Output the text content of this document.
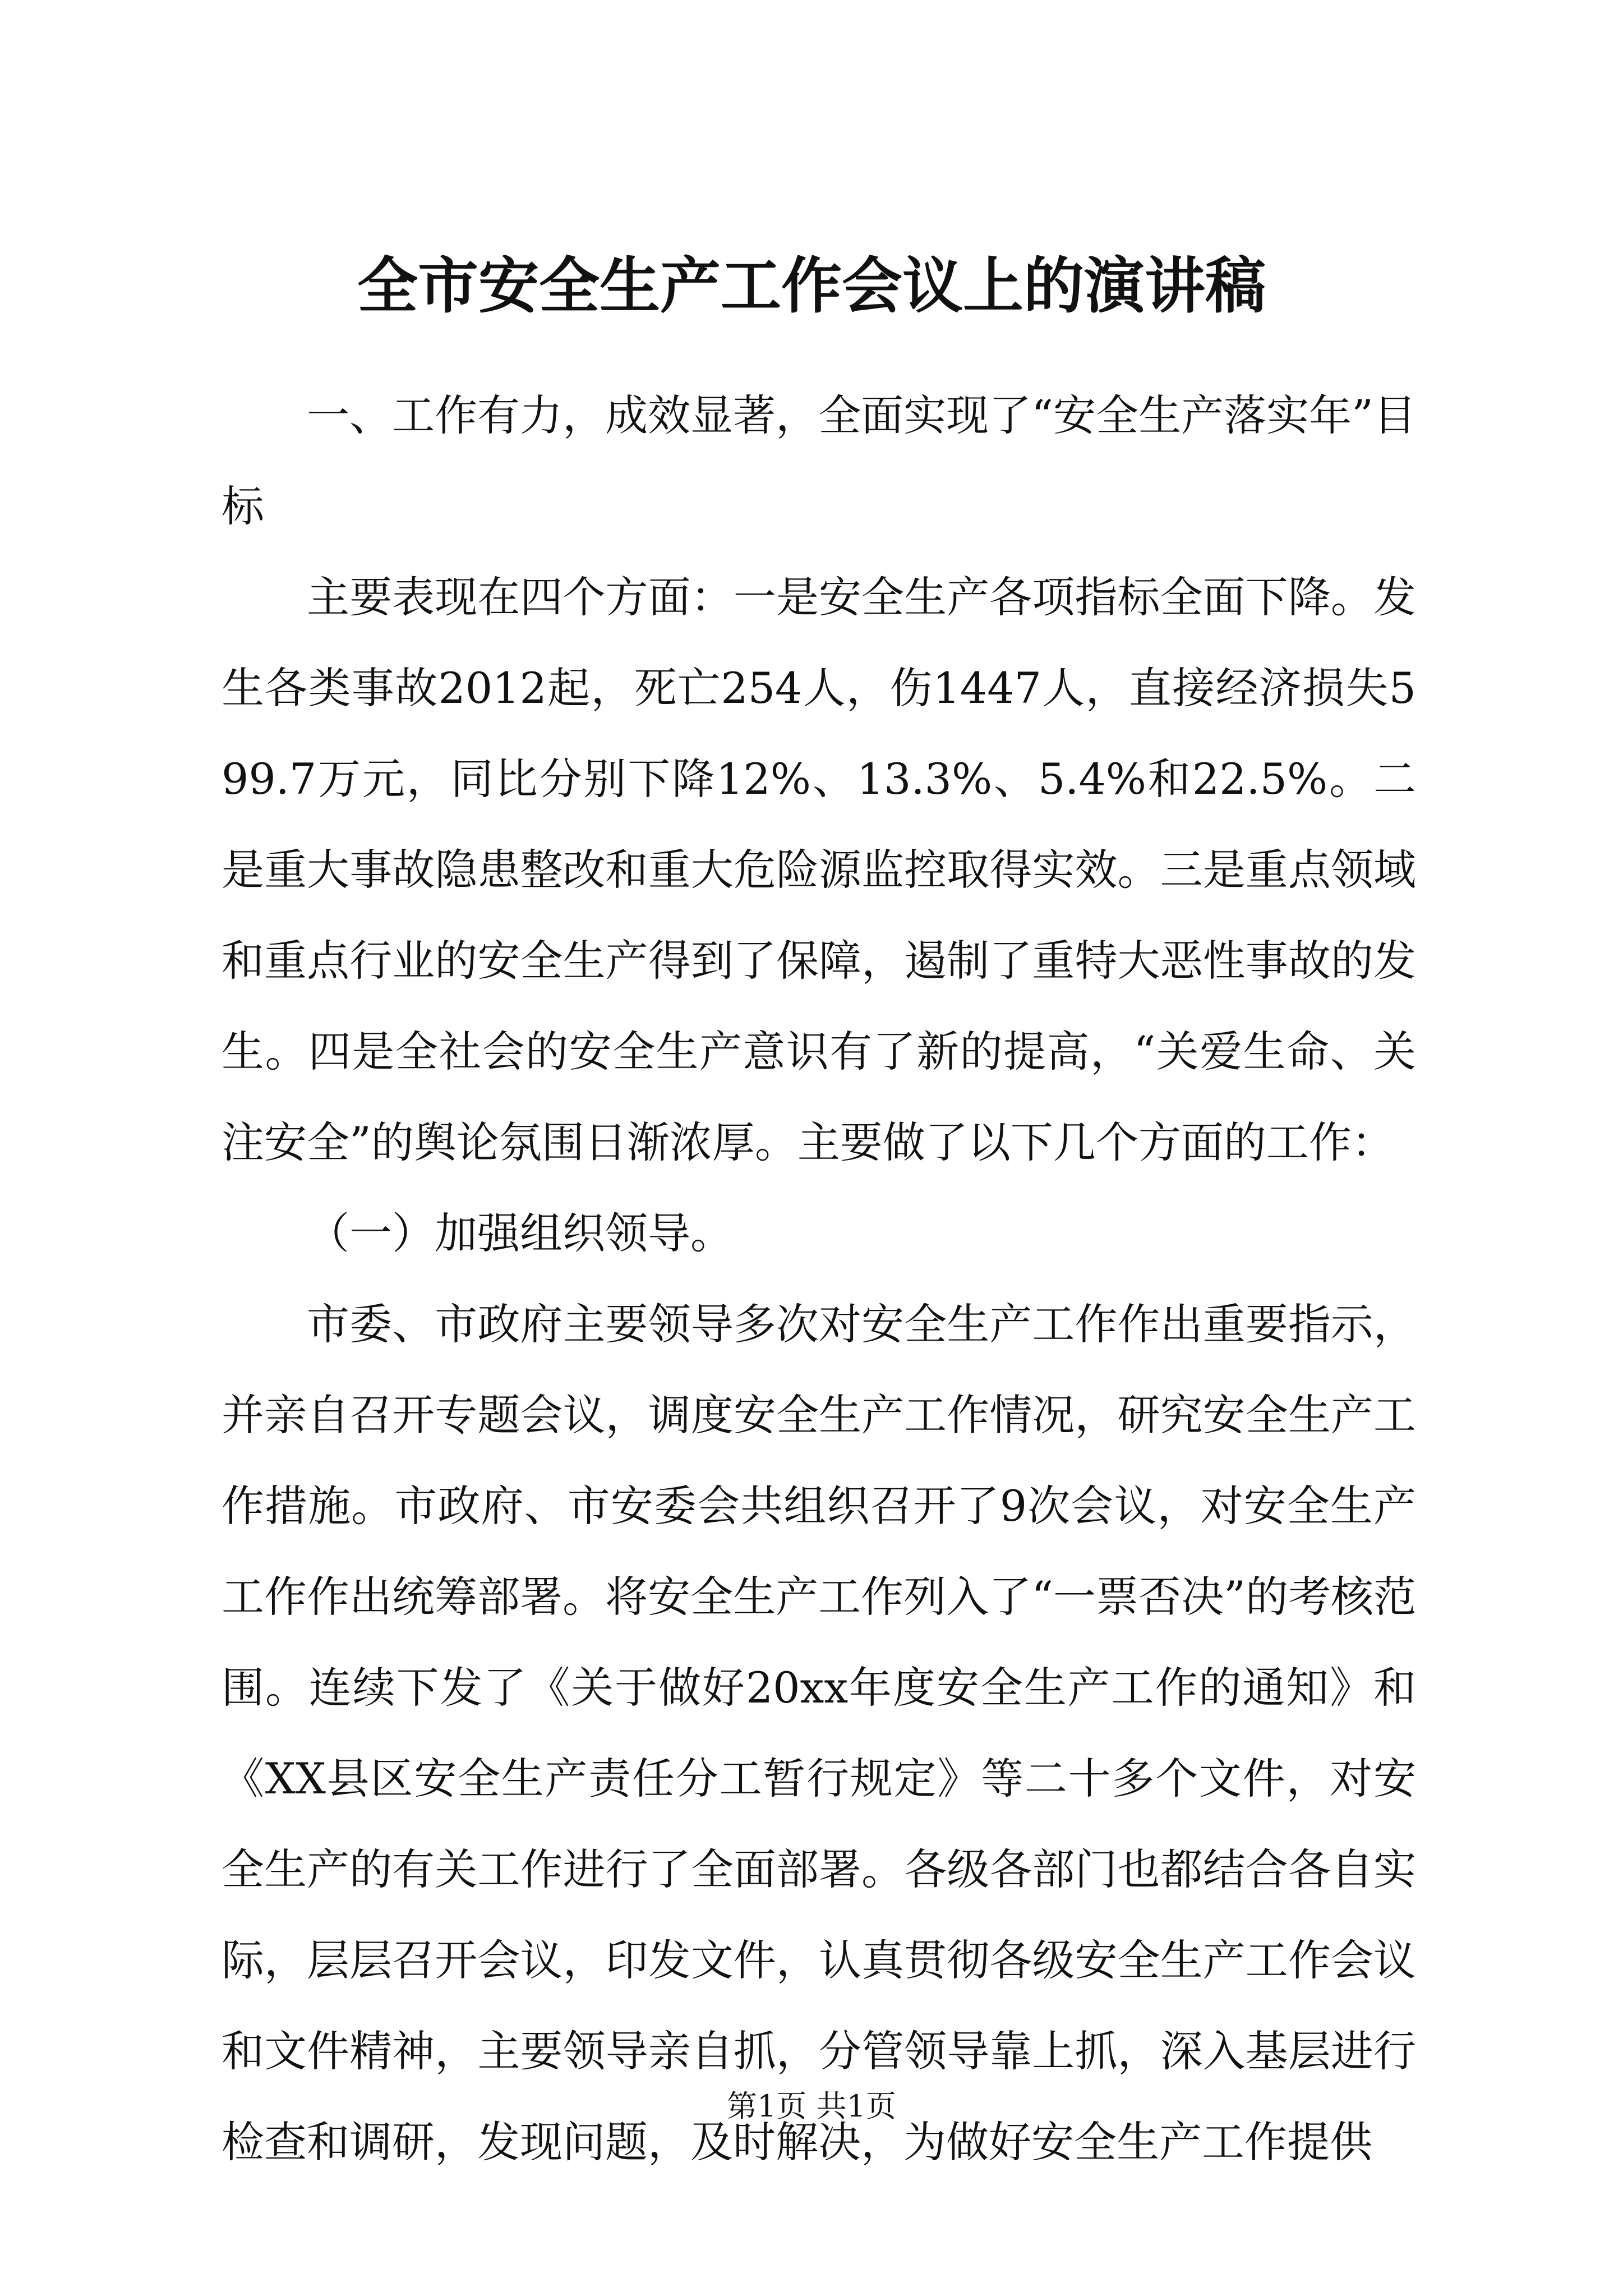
全市安全生产工作会议上的演讲稿

一、工作有力，成效显著，全面实现了“安全生产落实年”目标

主要表现在四个方面：一是安全生产各项指标全面下降。发生各类事故2012起，死亡254人，伤1447人，直接经济损失599.7万元，同比分别下降12%、13.3%、5.4%和22.5%。二是重大事故隐患整改和重大危险源监控取得实效。三是重点领域和重点行业的安全生产得到了保障，遏制了重特大恶性事故的发生。四是全社会的安全生产意识有了新的提高，“关爱生命、关注安全”的舆论氛围日渐浓厚。主要做了以下几个方面的工作：

（一）加强组织领导。

市委、市政府主要领导多次对安全生产工作作出重要指示，并亲自召开专题会议，调度安全生产工作情况，研究安全生产工作措施。市政府、市安委会共组织召开了9次会议，对安全生产工作作出统筹部署。将安全生产工作列入了“一票否决”的考核范围。连续下发了《关于做好20xx年度安全生产工作的通知》和《XX县区安全生产责任分工暂行规定》等二十多个文件，对安全生产的有关工作进行了全面部署。各级各部门也都结合各自实际，层层召开会议，印发文件，认真贯彻各级安全生产工作会议和文件精神，主要领导亲自抓，分管领导靠上抓，深入基层进行检查和调研，发现问题，及时解决，为做好安全生产工作提供

第1页 共1页
